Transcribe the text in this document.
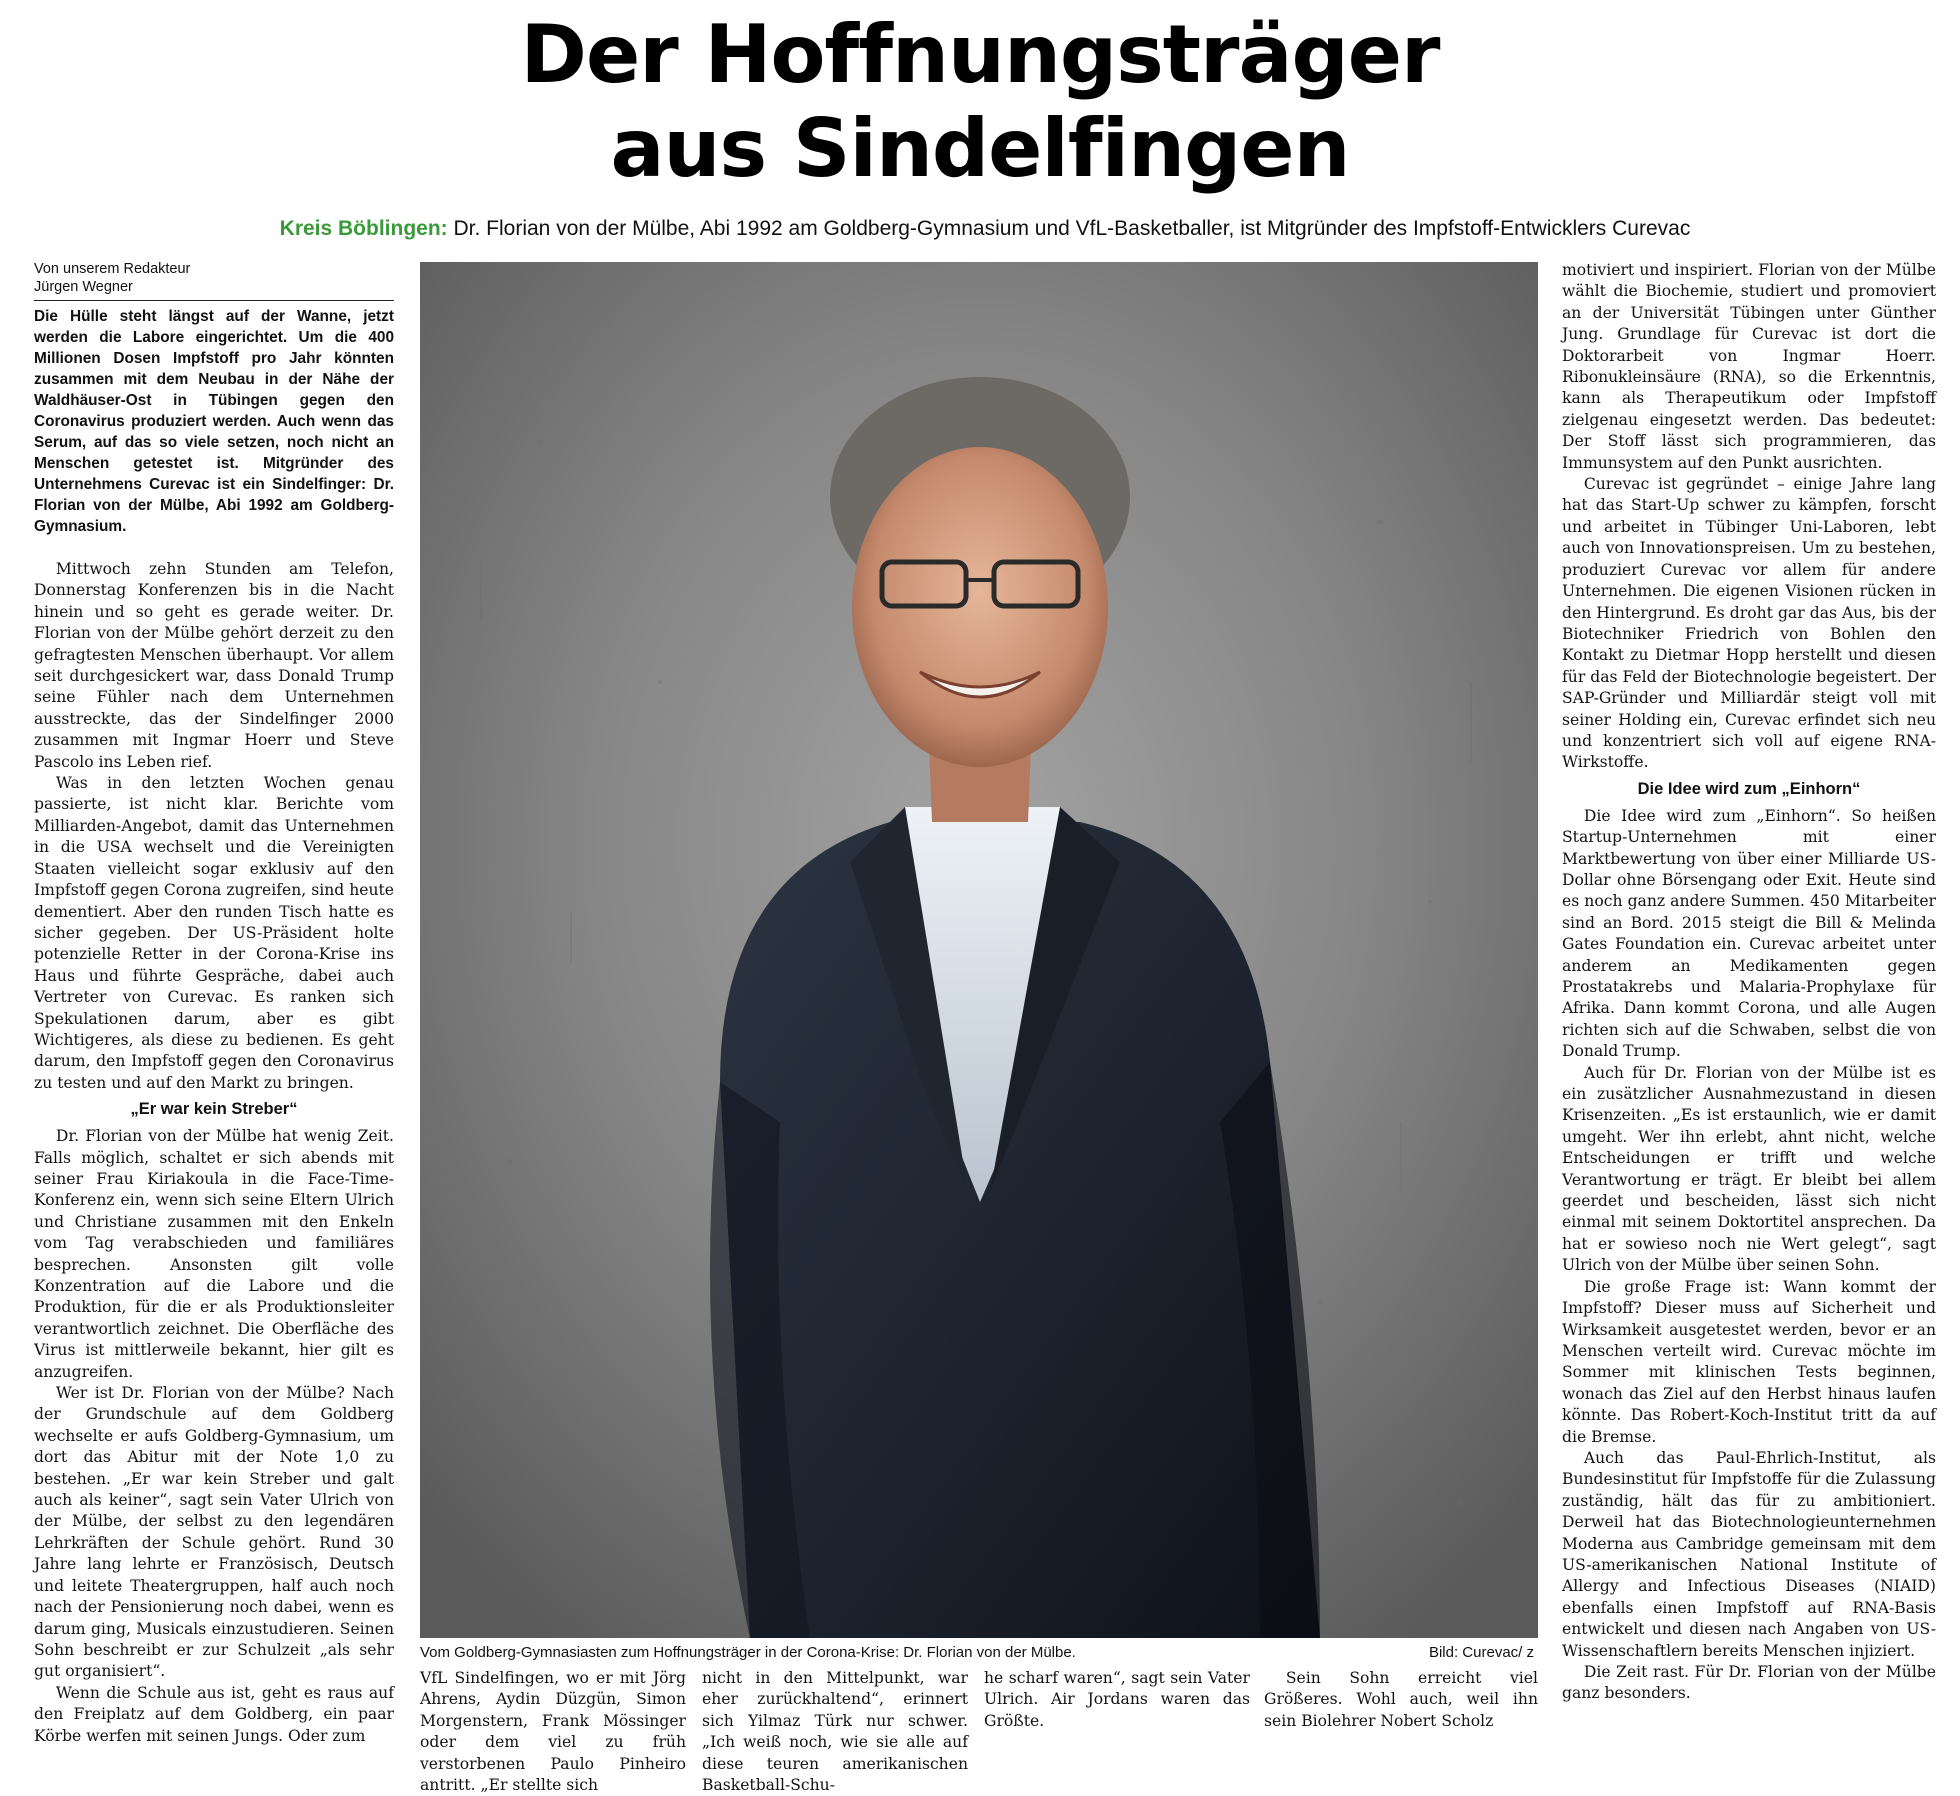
Der Hoffnungsträger
aus Sindelfingen
Kreis Böblingen: Dr. Florian von der Mülbe, Abi 1992 am Goldberg-Gymnasium und VfL-Basketballer, ist Mitgründer des Impfstoff-Entwicklers Curevac
Von unserem Redakteur
Jürgen Wegner
Die Hülle steht längst auf der Wanne, jetzt werden die Labore eingerichtet. Um die 400 Millionen Dosen Impfstoff pro Jahr könnten zusammen mit dem Neubau in der Nähe der Waldhäuser-Ost in Tübingen gegen den Coronavirus produziert werden. Auch wenn das Serum, auf das so viele setzen, noch nicht an Menschen getestet ist. Mitgründer des Unternehmens Curevac ist ein Sindelfinger: Dr. Florian von der Mülbe, Abi 1992 am Goldberg-Gymnasium.

Mittwoch zehn Stunden am Telefon, Donnerstag Konferenzen bis in die Nacht hinein und so geht es gerade weiter. Dr. Florian von der Mülbe gehört derzeit zu den gefragtesten Menschen überhaupt. Vor allem seit durchgesickert war, dass Donald Trump seine Fühler nach dem Unternehmen ausstreckte, das der Sindelfinger 2000 zusammen mit Ingmar Hoerr und Steve Pascolo ins Leben rief.

Was in den letzten Wochen genau passierte, ist nicht klar. Berichte vom Milliarden-Angebot, damit das Unternehmen in die USA wechselt und die Vereinigten Staaten vielleicht sogar exklusiv auf den Impfstoff gegen Corona zugreifen, sind heute dementiert. Aber den runden Tisch hatte es sicher gegeben. Der US-Präsident holte potenzielle Retter in der Corona-Krise ins Haus und führte Gespräche, dabei auch Vertreter von Curevac. Es ranken sich Spekulationen darum, aber es gibt Wichtigeres, als diese zu bedienen. Es geht darum, den Impfstoff gegen den Coronavirus zu testen und auf den Markt zu bringen.

„Er war kein Streber“

Dr. Florian von der Mülbe hat wenig Zeit. Falls möglich, schaltet er sich abends mit seiner Frau Kiriakoula in die Face-Time-Konferenz ein, wenn sich seine Eltern Ulrich und Christiane zusammen mit den Enkeln vom Tag verabschieden und familiäres besprechen. Ansonsten gilt volle Konzentration auf die Labore und die Produktion, für die er als Produktionsleiter verantwortlich zeichnet. Die Oberfläche des Virus ist mittlerweile bekannt, hier gilt es anzugreifen.

Wer ist Dr. Florian von der Mülbe? Nach der Grundschule auf dem Goldberg wechselte er aufs Goldberg-Gymnasium, um dort das Abitur mit der Note 1,0 zu bestehen. „Er war kein Streber und galt auch als keiner“, sagt sein Vater Ulrich von der Mülbe, der selbst zu den legendären Lehrkräften der Schule gehört. Rund 30 Jahre lang lehrte er Französisch, Deutsch und leitete Theatergruppen, half auch noch nach der Pensionierung noch dabei, wenn es darum ging, Musicals einzustudieren. Seinen Sohn beschreibt er zur Schulzeit „als sehr gut organisiert“.

Wenn die Schule aus ist, geht es raus auf den Freiplatz auf dem Goldberg, ein paar Körbe werfen mit seinen Jungs. Oder zum

Vom Goldberg-Gymnasiasten zum Hoffnungsträger in der Corona-Krise: Dr. Florian von der Mülbe.	Bild: Curevac/ z

VfL Sindelfingen, wo er mit Jörg Ahrens, Aydin Düzgün, Simon Morgenstern, Frank Mössinger oder dem viel zu früh verstorbenen Paulo Pinheiro antritt. „Er stellte sich

nicht in den Mittelpunkt, war eher zurückhaltend“, erinnert sich Yilmaz Türk nur schwer. „Ich weiß noch, wie sie alle auf diese teuren amerikanischen Basketball-Schu-

he scharf waren“, sagt sein Vater Ulrich. Air Jordans waren das Größte.

Sein Sohn erreicht viel Größeres. Wohl auch, weil ihn sein Biolehrer Nobert Scholz

motiviert und inspiriert. Florian von der Mülbe wählt die Biochemie, studiert und promoviert an der Universität Tübingen unter Günther Jung. Grundlage für Curevac ist dort die Doktorarbeit von Ingmar Hoerr. Ribonukleinsäure (RNA), so die Erkenntnis, kann als Therapeutikum oder Impfstoff zielgenau eingesetzt werden. Das bedeutet: Der Stoff lässt sich programmieren, das Immunsystem auf den Punkt ausrichten.

Curevac ist gegründet – einige Jahre lang hat das Start-Up schwer zu kämpfen, forscht und arbeitet in Tübinger Uni-Laboren, lebt auch von Innovationspreisen. Um zu bestehen, produziert Curevac vor allem für andere Unternehmen. Die eigenen Visionen rücken in den Hintergrund. Es droht gar das Aus, bis der Biotechniker Friedrich von Bohlen den Kontakt zu Dietmar Hopp herstellt und diesen für das Feld der Biotechnologie begeistert. Der SAP-Gründer und Milliardär steigt voll mit seiner Holding ein, Curevac erfindet sich neu und konzentriert sich voll auf eigene RNA-Wirkstoffe.

Die Idee wird zum „Einhorn“

Die Idee wird zum „Einhorn“. So heißen Startup-Unternehmen mit einer Marktbewertung von über einer Milliarde US-Dollar ohne Börsengang oder Exit. Heute sind es noch ganz andere Summen. 450 Mitarbeiter sind an Bord. 2015 steigt die Bill & Melinda Gates Foundation ein. Curevac arbeitet unter anderem an Medikamenten gegen Prostatakrebs und Malaria-Prophylaxe für Afrika. Dann kommt Corona, und alle Augen richten sich auf die Schwaben, selbst die von Donald Trump.

Auch für Dr. Florian von der Mülbe ist es ein zusätzlicher Ausnahmezustand in diesen Krisenzeiten. „Es ist erstaunlich, wie er damit umgeht. Wer ihn erlebt, ahnt nicht, welche Entscheidungen er trifft und welche Verantwortung er trägt. Er bleibt bei allem geerdet und bescheiden, lässt sich nicht einmal mit seinem Doktortitel ansprechen. Da hat er sowieso noch nie Wert gelegt“, sagt Ulrich von der Mülbe über seinen Sohn.

Die große Frage ist: Wann kommt der Impfstoff? Dieser muss auf Sicherheit und Wirksamkeit ausgetestet werden, bevor er an Menschen verteilt wird. Curevac möchte im Sommer mit klinischen Tests beginnen, wonach das Ziel auf den Herbst hinaus laufen könnte. Das Robert-Koch-Institut tritt da auf die Bremse.

Auch das Paul-Ehrlich-Institut, als Bundesinstitut für Impfstoffe für die Zulassung zuständig, hält das für zu ambitioniert. Derweil hat das Biotechnologieunternehmen Moderna aus Cambridge gemeinsam mit dem US-amerikanischen National Institute of Allergy and Infectious Diseases (NIAID) ebenfalls einen Impfstoff auf RNA-Basis entwickelt und diesen nach Angaben von US-Wissenschaftlern bereits Menschen injiziert.

Die Zeit rast. Für Dr. Florian von der Mülbe ganz besonders.
